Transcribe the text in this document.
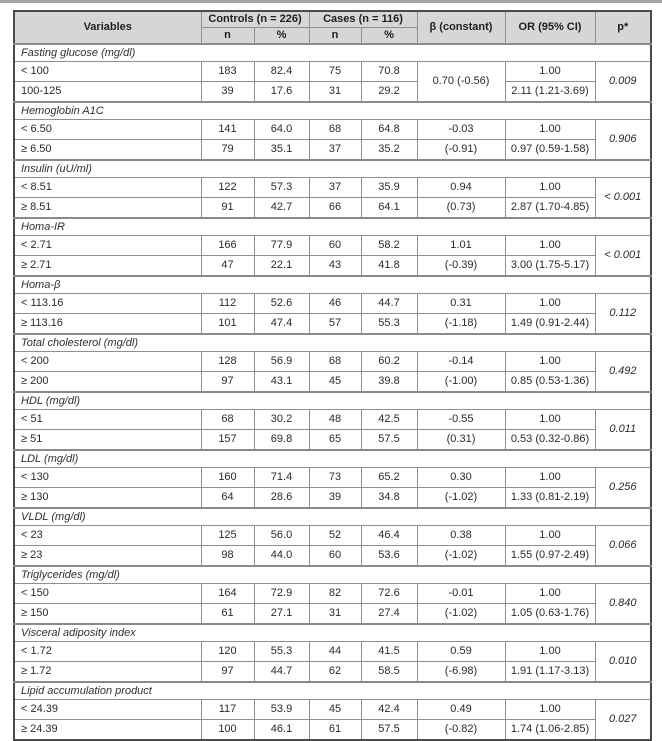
Variables	Controls (n = 226)		Cases (n = 116)		β (constant)	OR (95% CI)	p*
	n	%	n	%			
Fasting glucose (mg/dl)							
< 100	183	82.4	75	70.8	0.70 (-0.56)	1.00	0.009
100-125	39	17.6	31	29.2		2.11 (1.21-3.69)	
Hemoglobin A1C							
< 6.50	141	64.0	68	64.8	-0.03	1.00	0.906
≥ 6.50	79	35.1	37	35.2	(-0.91)	0.97 (0.59-1.58)	
Insulin (uU/ml)							
< 8.51	122	57.3	37	35.9	0.94	1.00	< 0.001
≥ 8.51	91	42.7	66	64.1	(0.73)	2.87 (1.70-4.85)	
Homa-IR							
< 2.71	166	77.9	60	58.2	1.01	1.00	< 0.001
≥ 2.71	47	22.1	43	41.8	(-0.39)	3.00 (1.75-5.17)	
Homa-β							
< 113.16	112	52.6	46	44.7	0.31	1.00	0.112
≥ 113.16	101	47.4	57	55.3	(-1.18)	1.49 (0.91-2.44)	
Total cholesterol (mg/dl)							
< 200	128	56.9	68	60.2	-0.14	1.00	0.492
≥ 200	97	43.1	45	39.8	(-1.00)	0.85 (0.53-1.36)	
HDL (mg/dl)							
< 51	68	30.2	48	42.5	-0.55	1.00	0.011
≥ 51	157	69.8	65	57.5	(0.31)	0.53 (0.32-0.86)	
LDL (mg/dl)							
< 130	160	71.4	73	65.2	0.30	1.00	0.256
≥ 130	64	28.6	39	34.8	(-1.02)	1.33 (0.81-2.19)	
VLDL (mg/dl)							
< 23	125	56.0	52	46.4	0.38	1.00	0.066
≥ 23	98	44.0	60	53.6	(-1.02)	1.55 (0.97-2.49)	
Triglycerides (mg/dl)							
< 150	164	72.9	82	72.6	-0.01	1.00	0.840
≥ 150	61	27.1	31	27.4	(-1.02)	1.05 (0.63-1.76)	
Visceral adiposity index							
< 1.72	120	55.3	44	41.5	0.59	1.00	0.010
≥ 1.72	97	44.7	62	58.5	(-6.98)	1.91 (1.17-3.13)	
Lipid accumulation product							
< 24.39	117	53.9	45	42.4	0.49	1.00	0.027
≥ 24.39	100	46.1	61	57.5	(-0.82)	1.74 (1.06-2.85)	
